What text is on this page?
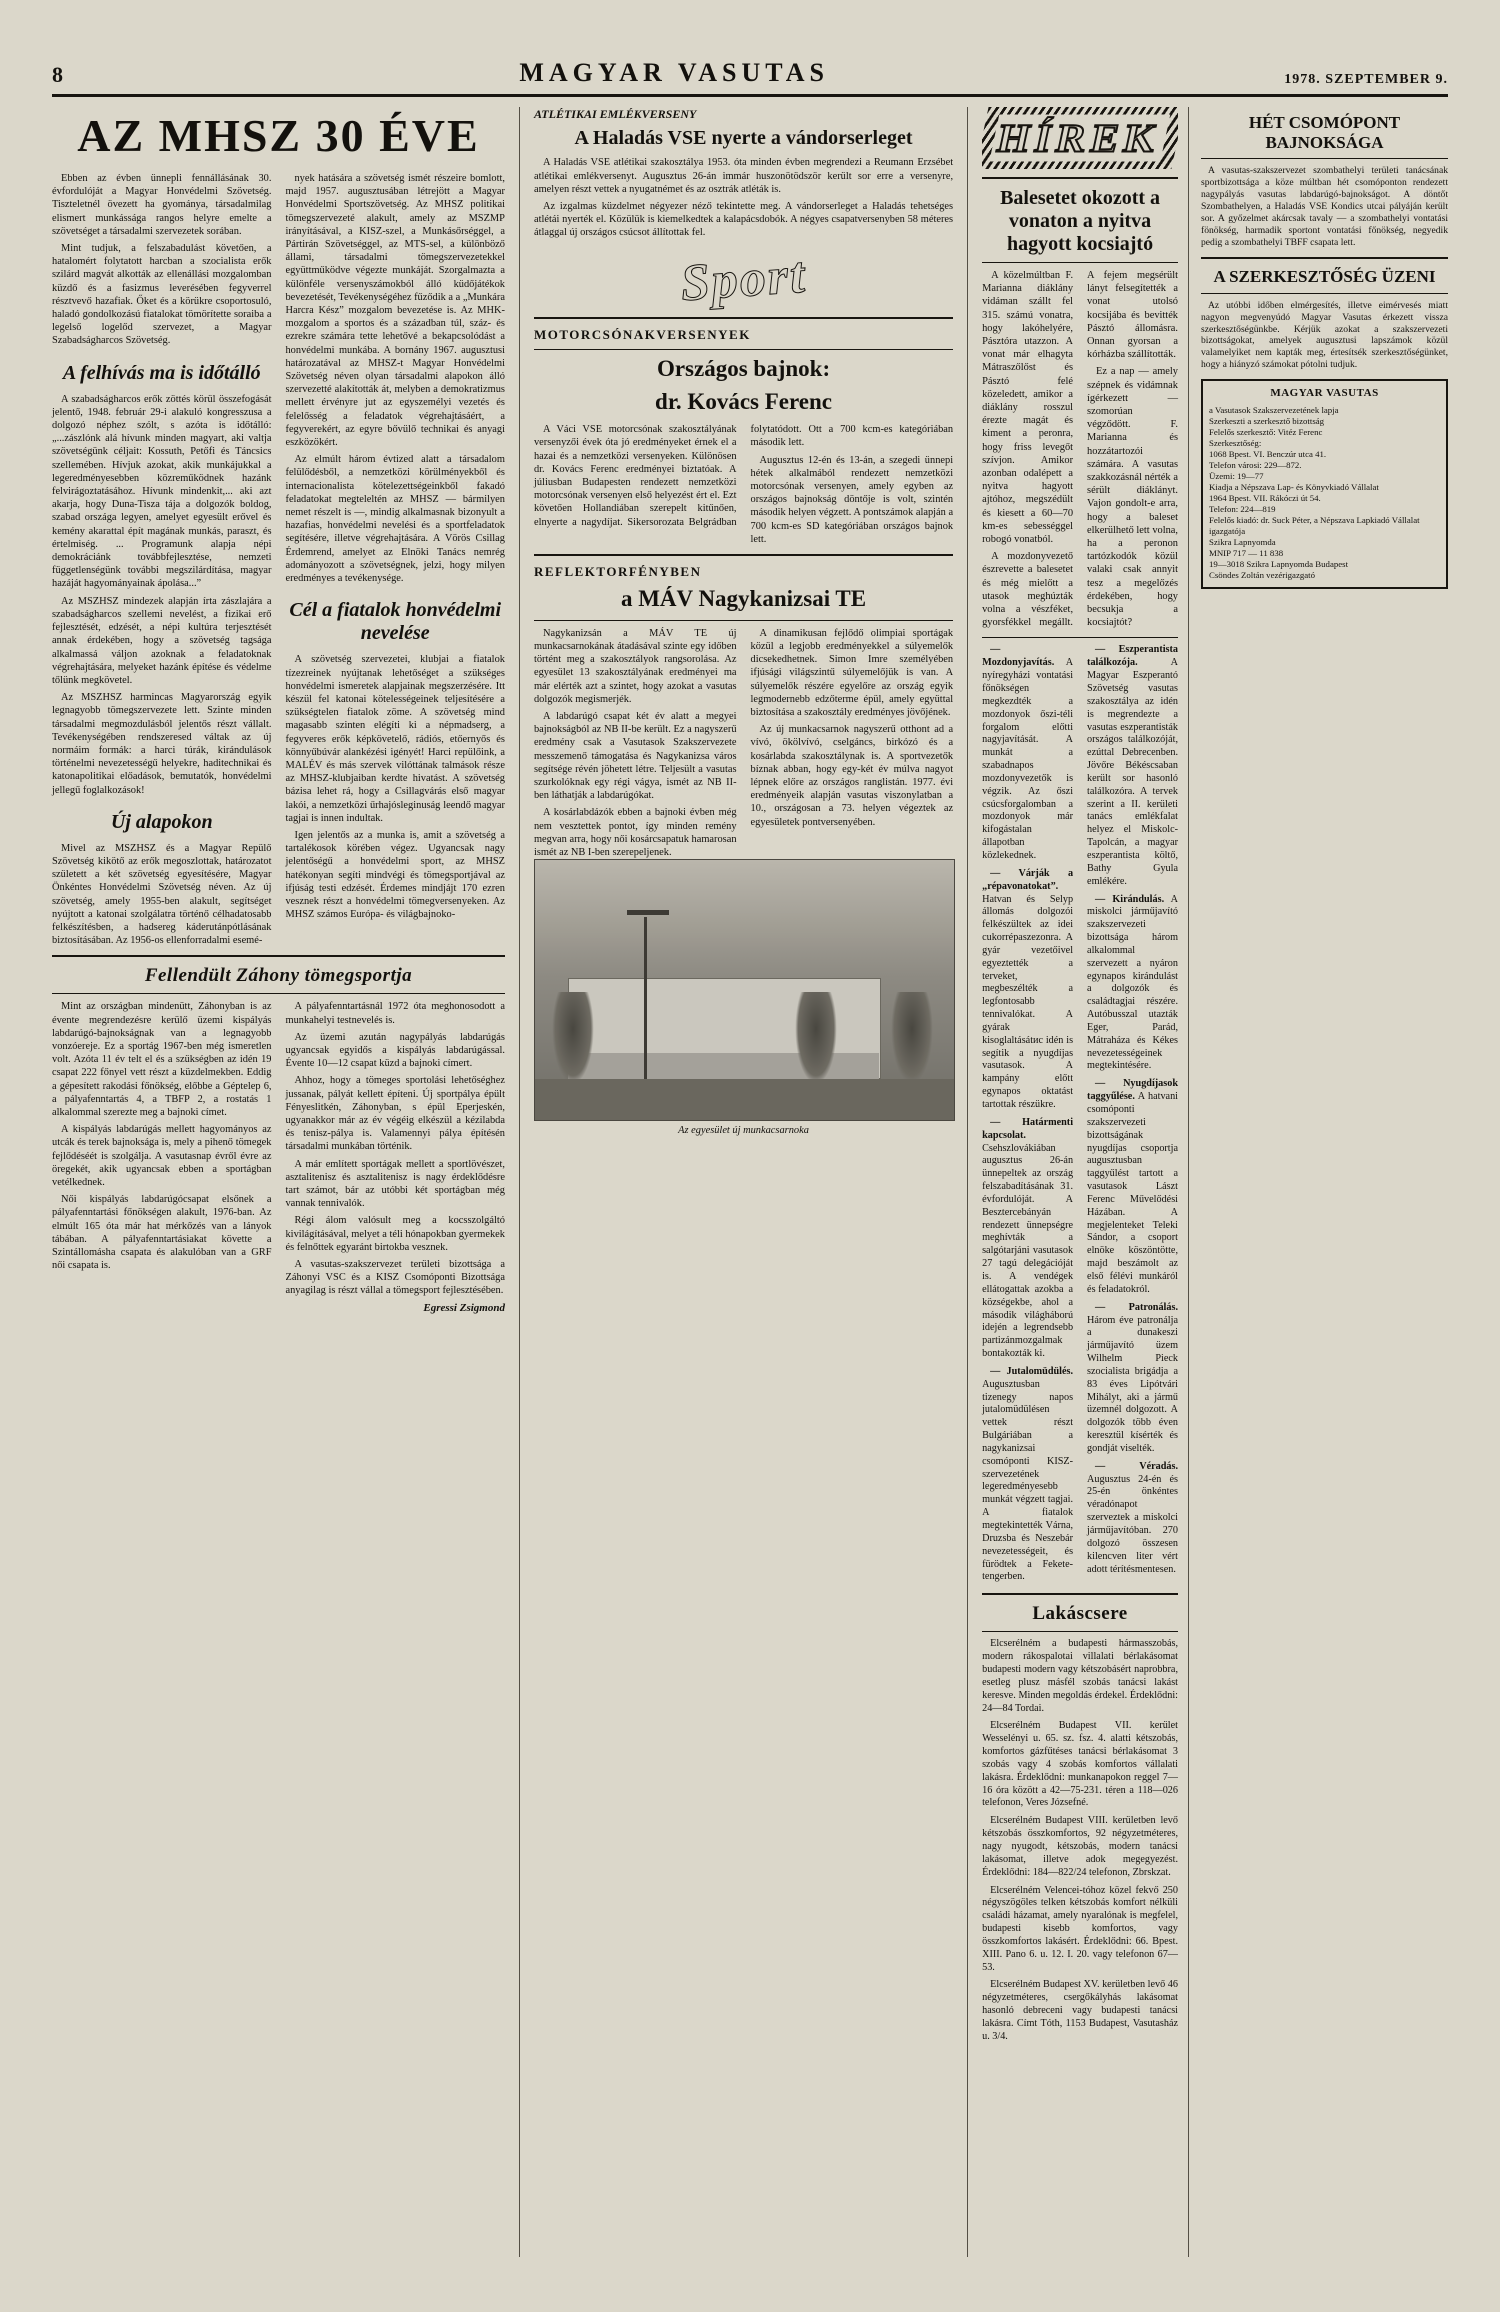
8	MAGYAR VASUTAS	1978. SZEPTEMBER 9.
AZ MHSZ 30 ÉVE

Ebben az évben ünnepli fennállásának 30. évfordulóját a Magyar Honvédelmi Szövetség. Tiszteletnél övezett ha gyománya, társadalmilag elismert munkássága rangos helyre emelte a szövetséget a társadalmi szervezetek sorában.

Mint tudjuk, a felszabadulást követően, a hatalomért folytatott harcban a szocialista erők szilárd magvát alkották az ellenállási mozgalomban küzdő és a fasizmus leverésében fegyverrel résztvevő hazafiak. Őket és a körükre csoportosuló, haladó gondolkozású fiatalokat tömörítette soraiba a legelső logelőd szervezet, a Magyar Szabadságharcos Szövetség.

A felhívás ma is időtálló

A szabadságharcos erők zöttés körül összefogását jelentő, 1948. február 29-i alakuló kongresszusa a dolgozó néphez szólt, s azóta is időtálló: „...zászlónk alá hívunk minden magyart, aki valtja szövetségünk céljait: Kossuth, Petőfi és Táncsics szellemében. Hívjuk azokat, akik munkájukkal a legeredményesebben közreműködnek hazánk felvirágoztatásához. Hívunk mindenkit,... aki azt akarja, hogy Duna-Tisza tája a dolgozók boldog, szabad országa legyen, amelyet egyesült erővel és kemény akarattal épít magának munkás, paraszt, és értelmiség. ... Programunk alapja népi demokráciánk továbbfejlesztése, nemzeti függetlenségünk további megszilárdítása, magyar hazáját hagyományainak ápolása...”

Az MSZHSZ mindezek alapján írta zászlajára a szabadságharcos szellemi nevelést, a fizikai erő fejlesztését, edzését, a népi kultúra terjesztését annak érdekében, hogy a szövetség tagsága alkalmassá váljon azoknak a feladatoknak végrehajtására, melyeket hazánk építése és védelme tőlünk megkövetel.

Az MSZHSZ harmincas Magyarország egyik legnagyobb tömegszervezete lett. Szinte minden társadalmi megmozdulásból jelentős részt vállalt. Tevékenységében rendszeresed váltak az új normáim formák: a harci túrák, kirándulások történelmi nevezetességű helyekre, haditechnikai és katonapolitikai előadások, bemutatók, honvédelmi jellegű foglalkozások!

Új alapokon

Mivel az MSZHSZ és a Magyar Repülő Szövetség kikötő az erők megoszlottak, határozatot született a két szövetség egyesítésére, Magyar Önkéntes Honvédelmi Szövetség néven. Az új szövetség, amely 1955-ben alakult, segítséget nyújtott a katonai szolgálatra történő célhadatosabb felkészítésben, a hadsereg káderutánpótlásának biztosításában. Az 1956-os ellenforradalmi esemé-

nyek hatására a szövetség ismét részeire bomlott, majd 1957. augusztusában létrejött a Magyar Honvédelmi Sportszövetség. Az MHSZ politikai tömegszervezeté alakult, amely az MSZMP irányításával, a KISZ-szel, a Munkásőrséggel, a Pártirán Szövetséggel, az MTS-sel, a különböző állami, társadalmi tömegszervezetekkel együttműködve végezte munkáját. Szorgalmazta a különféle versenyszámokból álló küdőjátékok bevezetését, Tevékenységéhez fűződik a a „Munkára Harcra Kész” mozgalom bevezetése is. Az MHK-mozgalom a sportos és a században túl, száz- és ezrekre számára tette lehetővé a bekapcsolódást a honvédelmi munkába. A bornány 1967. augusztusi határozatával az MHSZ-t Magyar Honvédelmi Szövetség néven olyan társadalmi alapokon álló szervezetté alakították át, melyben a demokratizmus mellett érvényre jut az egyszemélyi vezetés és felelősség a feladatok végrehajtásáért, a fegyverekért, az egyre bővülő technikai és anyagi eszközökért.

Az elmúlt három évtized alatt a társadalom felülődésből, a nemzetközi körülményekből és internacionalista kötelezettségeinkből fakadó feladatokat megteleltén az MHSZ — bármilyen nemet részelt is —, mindig alkalmasnak bizonyult a hazafias, honvédelmi nevelési és a sportfeladatok segítésére, illetve végrehajtására. A Vörös Csillag Érdemrend, amelyet az Elnöki Tanács nemrég adományozott a szövetségnek, jelzi, hogy milyen eredményes a tevékenysége.

Cél a fiatalok honvédelmi nevelése

A szövetség szervezetei, klubjai a fiatalok tízezreinek nyújtanak lehetőséget a szükséges honvédelmi ismeretek alapjainak megszerzésére. Itt készül fel katonai kötelességeinek teljesítésére a szükségtelen fiatalok zöme. A szövetség mind magasabb szinten elégíti ki a népmadserg, a fegyveres erők képkövetelő, rádiós, etőernyős és könnyűbúvár alankézési igényét! Harci repülőink, a MALÉV és más szervek vilóttának talmások része az MHSZ-klubjaiban kerdte hivatást. A szövetség bázisa lehet rá, hogy a Csillagvárás első magyar lakói, a nemzetközi űrhajósleginuság leendő magyar tagjai is innen indultak.

Igen jelentős az a munka is, amit a szövetség a tartalékosok körében végez. Ugyancsak nagy jelentőségű a honvédelmi sport, az MHSZ hatékonyan segíti mindvégi és tömegsportjával az ifjúság testi edzését. Érdemes mindjájt 170 ezren vesznek részt a honvédelmi tömegversenyeken. Az MHSZ számos Európa- és világbajnoko-

Fellendült Záhony tömegsportja

Mint az országban mindenütt, Záhonyban is az évente megrendezésre kerülő üzemi kispályás labdarúgó-bajnokságnak van a legnagyobb vonzóereje. Ez a sportág 1967-ben még ismeretlen volt. Azóta 11 év telt el és a szükségben az idén 19 csapat 222 főnyel vett részt a küzdelmekben. Eddig a gépesített rakodási főnökség, előbbe a Géptelep 6, a pályafenntartás 4, a TBFP 2, a rostatás 1 alkalommal szerezte meg a bajnoki címet.

A kispályás labdarúgás mellett hagyományos az utcák és terek bajnoksága is, mely a pihenő tömegek fejlődéséét is szolgálja. A vasutasnap évről évre az öregekét, akik ugyancsak ebben a sportágban vetélkednek.

Női kispályás labdarúgócsapat elsőnek a pályafenntartási főnökségen alakult, 1976-ban. Az elmúlt 165 óta már hat mérkőzés van a lányok tábában. A pályafenntartásiakat követte a Szintállomásha csapata és alakulóban van a GRF női csapata is.

A pályafenntartásnál 1972 óta meghonosodott a munkahelyi testnevelés is.

Az üzemi azután nagypályás labdarúgás ugyancsak egyidős a kispályás labdarúgással. Évente 10—12 csapat küzd a bajnoki címert.

Ahhoz, hogy a tömeges sportolási lehetőséghez jussanak, pályát kellett építeni. Új sportpálya épült Fényeslitkén, Záhonyban, s épül Eperjeskén, ugyanakkor már az év végéig elkészül a kézilabda és tenisz-pálya is. Valamennyi pálya építésén társadalmi munkában történik.

A már említett sportágak mellett a sportlövészet, asztalitenisz és asztalitenisz is nagy érdeklődésre tart számot, bár az utóbbi két sportágban még vannak tennivalók.

Régi álom valósult meg a kocsszolgáltó kivilágításával, melyet a téli hónapokban gyermekek és felnőttek egyaránt birtokba vesznek.

A vasutas-szakszervezet területi bizottsága a Záhonyi VSC és a KISZ Csomóponti Bizottsága anyagilag is részt vállal a tömegsport fejlesztésében.

Egressi Zsigmond
ATLÉTIKAI EMLÉKVERSENY
A Haladás VSE nyerte a vándorserleget

A Haladás VSE atlétikai szakosztálya 1953. óta minden évben megrendezi a Reumann Erzsébet atlétikai emlékversenyt. Augusztus 26-án immár huszonötödször került sor erre a versenyre, amelyen részt vettek a nyugatnémet és az osztrák atléták is.

Az izgalmas küzdelmet négyezer néző tekintette meg. A vándorserleget a Haladás tehetséges atlétái nyerték el. Közülük is kiemelkedtek a kalapácsdobók. A négyes csapatversenyben 58 méteres átlaggal új országos csúcsot állítottak fel.

Sport
MOTORCSÓNAKVERSENYEK
Országos bajnok:
dr. Kovács Ferenc

A Váci VSE motorcsónak szakosztályának versenyzői évek óta jó eredményeket érnek el a hazai és a nemzetközi versenyeken. Különösen dr. Kovács Ferenc eredményei biztatóak. A júliusban Budapesten rendezett nemzetközi motorcsónak versenyen első helyezést ért el. Ezt követően Hollandiában szerepelt kitűnően, elnyerte a nagydíjat. Sikersorozata Belgrádban folytatódott. Ott a 700 kcm-es kategóriában második lett.

Augusztus 12-én és 13-án, a szegedi ünnepi hétek alkalmából rendezett nemzetközi motorcsónak versenyen, amely egyben az országos bajnokság döntője is volt, szintén második helyen végzett. A pontszámok alapján a 700 kcm-es SD kategóriában országos bajnok lett.

REFLEKTORFÉNYBEN
a MÁV Nagykanizsai TE

Nagykanizsán a MÁV TE új munkacsarnokának átadásával szinte egy időben történt meg a szakosztályok rangsorolása. Az egyesület 13 szakosztályának eredményei ma már elérték azt a szintet, hogy azokat a vasutas dolgozók megismerjék.

A labdarúgó csapat két év alatt a megyei bajnokságból az NB II-be került. Ez a nagyszerű eredmény csak a Vasutasok Szakszervezete messzemenő támogatása és Nagykanizsa város segítsége révén jöhetett létre. Teljesült a vasutas szurkolóknak egy régi vágya, ismét az NB II-ben láthatják a labdarúgókat.

A kosárlabdázók ebben a bajnoki évben még nem vesztettek pontot, így minden remény megvan arra, hogy női kosárcsapatuk hamarosan ismét az NB I-ben szerepeljenek.

A dinamikusan fejlődő olimpiai sportágak közül a legjobb eredményekkel a súlyemelők dicsekedhetnek. Simon Imre személyében ifjúsági világszintű súlyemelőjük is van. A súlyemelők részére egyelőre az ország egyik legmodernebb edzőterme épül, amely együttal biztosítása a szakosztály eredményes jövőjének.

Az új munkacsarnok nagyszerű otthont ad a vívó, ökölvívó, cselgáncs, birkózó és a kosárlabda szakosztálynak is. A sportvezetők bíznak abban, hogy egy-két év múlva nagyot lépnek előre az országos ranglistán. 1977. évi eredményeik alapján vasutas viszonylatban a 10., országosan a 73. helyen végeztek az egyesületek pontversenyében.

Az egyesület új munkacsarnoka
HÍREK
Balesetet okozott a vonaton a nyitva hagyott kocsiajtó

A közelmúltban F. Marianna diáklány vidáman szállt fel 315. számú vonatra, hogy lakóhelyére, Pásztóra utazzon. A vonat már elhagyta Mátraszőlőst és Pásztó felé közeledett, amikor a diáklány rosszul érezte magát és kiment a peronra, hogy friss levegőt szívjon. Amikor azonban odalépett a nyitva hagyott ajtóhoz, megszédült és kiesett a 60—70 km-es sebességgel robogó vonatból.

A mozdonyvezető észrevette a balesetet és még mielőtt a utasok meghúzták volna a vészféket, gyorsfékkel megállt. A fejem megsérült lányt felsegítették a vonat utolsó kocsijába és bevitték Pásztó állomásra. Onnan gyorsan a kórházba szállították.

Ez a nap — amely szépnek és vidámnak ígérkezett — szomorúan végződött. F. Marianna és hozzátartozói számára. A vasutas szakkozásnál nérték a sérült diáklányt. Vajon gondolt-e arra, hogy a baleset elkerülhető lett volna, ha a peronon tartózkodók közül valaki csak annyit tesz a megelőzés érdekében, hogy becsukja a kocsiajtót?

— Mozdonyjavítás. A nyíregyházi vontatási főnökségen megkezdték a mozdonyok őszi-téli forgalom előtti nagyjavítását. A munkát a szabadnapos mozdonyvezetők is végzik. Az őszi csúcsforgalomban a mozdonyok már kifogástalan állapotban közlekednek.

— Várják a „répavonatokat”. Hatvan és Selyp állomás dolgozói felkészültek az idei cukorrépaszezonra. A gyár vezetőivel egyeztették a terveket, megbeszélték a legfontosabb tennivalókat. A gyárak kisoglaltásátис idén is segítik a nyugdíjas vasutasok. A kampány előtt egynapos oktatást tartottak részükre.

— Határmenti kapcsolat. Csehszlovákiában augusztus 26-án ünnepeltek az ország felszabadításának 31. évfordulóját. A Besztercebányán rendezett ünnepségre meghívták a salgótarjáni vasutasok 27 tagú delegációját is. A vendégek ellátogattak azokba a községekbe, ahol a második világháború idején a legrendsebb partizánmozgalmak bontakozták ki.

— Jutalomüdülés. Augusztusban tizenegy napos jutalomüdülésen vettek részt Bulgáriában a nagykanizsai csomóponti KISZ-szervezetének legeredményesebb munkát végzett tagjai. A fiatalok megtekintették Várna, Druzsba és Neszebár nevezetességeit, és fürödtek a Fekete-tengerben.

— Eszperantista találkozója.	A Magyar Eszperantó Szövetség vasutas szakosztálya az idén is megrendezte a vasutas eszperantisták országos találkozóját, ezúttal Debrecenben. Jövőre Békéscsaban került sor hasonló találkozóra. A tervek szerint a II. kerületi tanács emlékfalat helyez el Miskolc-Tapolcán, a magyar eszperantista költő, Bathy Gyula emlékére.

— Kirándulás. A miskolci járműjavító szakszervezeti bizottsága három alkalommal szervezett a nyáron egynapos kirándulást a dolgozók és családtagjai részére. Autóbusszal utazták Eger, Parád, Mátraháza és Kékes nevezetességeinek megtekintésére.

— Nyugdíjasok taggyűlése. A hatvani csomóponti szakszervezeti bizottságának nyugdíjas csoportja augusztusban taggyűlést tartott a vasutasok Lászt Ferenc Művelődési Házában. A megjelenteket Teleki Sándor, a csoport elnöke köszöntötte, majd beszámolt az első félévi munkáról és feladatokról.

— Patronálás. Három éve patronálja a dunakeszi járműjavító üzem Wilhelm Pieck szocialista brigádja a 83 éves Lipótvári Mihályt, aki a jármű üzemnél dolgozott. A dolgozók több éven keresztül kísérték és gondját viselték.

— Véradás. Augusztus 24-én és 25-én önkéntes véradónapot szerveztek a miskolci járműjavítóban. 270 dolgozó összesen kilencven liter vért adott térítésmentesen.

Lakáscsere

Elcserélném a budapesti hármasszobás, modern rákospalotai villalati bérlakásomat budapesti modern vagy kétszobásért naprobbra, esetleg plusz másfél szobás tanácsi lakást keresve. Minden megoldás érdekel. Érdeklődni: 24—84 Tordai.

Elcserélném Budapest VII. kerület Wesselényi u. 65. sz. fsz. 4. alatti kétszobás, komfortos gázfűtéses tanácsi bérlakásomat 3 szobás vagy 4 szobás komfortos vállalati lakásra. Érdeklődni: munkanapokon reggel 7—16 óra között a 42—75-231. téren a 118—026 telefonon, Veres Józsefné.

Elcserélném Budapest VIII. kerületben levő kétszobás összkomfortos, 92 négyzetméteres, nagy nyugodt, kétszobás, modern tanácsi lakásomat, illetve adok megegyezést. Érdeklődni: 184—822/24 telefonon, Zbrskzat.

Elcserélném Velencei-tóhoz közel fekvő 250 négyszögöles telken kétszobás komfort nélküli családi házamat, amely nyaralónak is megfelel, budapesti kisebb komfortos, vagy összkomfortos lakásért. Érdeklődni: 66. Bpest. XIII. Pano 6. u. 12. I. 20. vagy telefonon 67—53.

Elcserélném Budapest XV. kerületben levő 46 négyzetméteres, csergőkályhás lakásomat hasonló debreceni vagy budapesti tanácsi lakásra. Címt Tóth, 1153 Budapest, Vasutasház u. 3/4.

HÉT CSOMÓPONT BAJNOKSÁGA

A vasutas-szakszervezet szombathelyi területi tanácsának sportbizottsága a köze múltban hét csomóponton rendezett nagypályás vasutas labdarúgó-bajnokságot. A döntőt Szombathelyen, a Haladás VSE Kondics utcai pályáján került sor. A győzelmet akárcsak tavaly — a szombathelyi vontatási fönökség, harmadik sportont vontatási főnökség, negyedik pedig a szombathelyi TBFF csapata lett.

A SZERKESZTŐSÉG ÜZENI

Az utóbbi időben elmérgesítés, illetve eimérvesés miatt nagyon megvenyúdó Magyar Vasutas érkezett vissza szerkesztőségünkbe. Kérjük azokat a szakszervezeti bizottságokat, amelyek augusztusi lapszámok közül valamelyiket nem kapták meg, értesítsék szerkesztőségünket, hogy a hiányzó számokat pótolni tudjuk.

MAGYAR VASUTAS
a Vasutasok Szakszervezetének lapja
Szerkeszti a szerkesztő bizottság
Felelős szerkesztő: Vitéz Ferenc
Szerkesztőség:
1068 Bpest. VI. Benczúr utca 41.
Telefon városi: 229—872.
Üzemi: 19—77
Kiadja a Népszava Lap- és Könyvkiadó Vállalat
1964 Bpest. VII. Rákóczi út 54.
Telefon: 224—819
Felelős kiadó: dr. Suck Péter, a Népszava Lapkiadó Vállalat igazgatója
Szikra Lapnyomda
MNIP 717 — 11 838
19—3018 Szikra Lapnyomda Budapest
Csöndes Zoltán vezérigazgató
